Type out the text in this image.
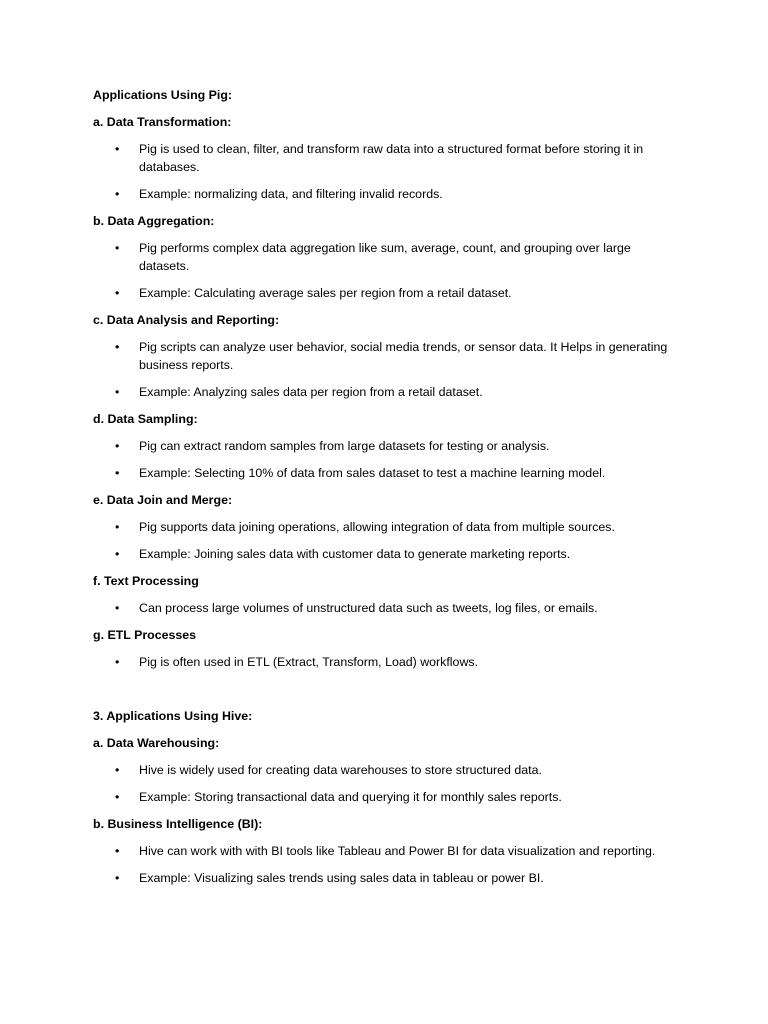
Applications Using Pig:
a. Data Transformation:
• Pig is used to clean, filter, and transform raw data into a structured format before storing it in databases.
• Example: normalizing data, and filtering invalid records.
b. Data Aggregation:
• Pig performs complex data aggregation like sum, average, count, and grouping over large datasets.
• Example: Calculating average sales per region from a retail dataset.
c. Data Analysis and Reporting:
• Pig scripts can analyze user behavior, social media trends, or sensor data. It Helps in generating business reports.
• Example: Analyzing sales data per region from a retail dataset.
d. Data Sampling:
• Pig can extract random samples from large datasets for testing or analysis.
• Example: Selecting 10% of data from sales dataset to test a machine learning model.
e. Data Join and Merge:
• Pig supports data joining operations, allowing integration of data from multiple sources.
• Example: Joining sales data with customer data to generate marketing reports.
f. Text Processing
• Can process large volumes of unstructured data such as tweets, log files, or emails.
g. ETL Processes
• Pig is often used in ETL (Extract, Transform, Load) workflows.
3. Applications Using Hive:
a. Data Warehousing:
• Hive is widely used for creating data warehouses to store structured data.
• Example: Storing transactional data and querying it for monthly sales reports.
b. Business Intelligence (BI):
• Hive can work with with BI tools like Tableau and Power BI for data visualization and reporting.
• Example: Visualizing sales trends using sales data in tableau or power BI.
